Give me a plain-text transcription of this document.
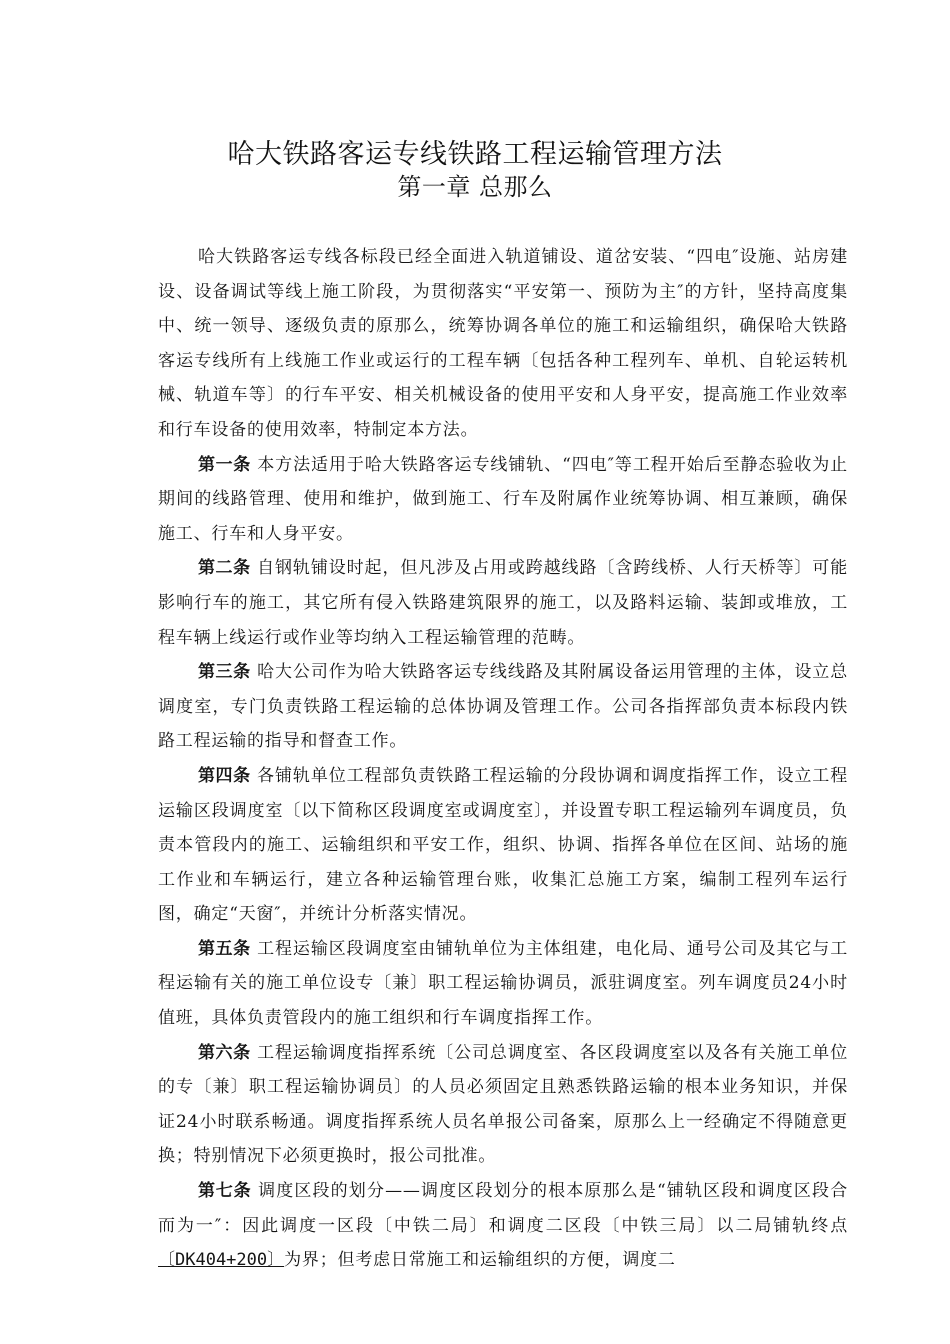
哈大铁路客运专线铁路工程运输管理方法
第一章 总那么

哈大铁路客运专线各标段已经全面进入轨道铺设、道岔安装、“四电″设施、站房建设、设备调试等线上施工阶段，为贯彻落实“平安第一、预防为主″的方针，坚持高度集中、统一领导、逐级负责的原那么，统筹协调各单位的施工和运输组织，确保哈大铁路客运专线所有上线施工作业或运行的工程车辆〔包括各种工程列车、单机、自轮运转机械、轨道车等〕的行车平安、相关机械设备的使用平安和人身平安，提高施工作业效率和行车设备的使用效率，特制定本方法。

第一条 本方法适用于哈大铁路客运专线铺轨、“四电″等工程开始后至静态验收为止期间的线路管理、使用和维护，做到施工、行车及附属作业统筹协调、相互兼顾，确保施工、行车和人身平安。

第二条 自钢轨铺设时起，但凡涉及占用或跨越线路〔含跨线桥、人行天桥等〕可能影响行车的施工，其它所有侵入铁路建筑限界的施工，以及路料运输、装卸或堆放，工程车辆上线运行或作业等均纳入工程运输管理的范畴。

第三条 哈大公司作为哈大铁路客运专线线路及其附属设备运用管理的主体，设立总调度室，专门负责铁路工程运输的总体协调及管理工作。公司各指挥部负责本标段内铁路工程运输的指导和督查工作。

第四条 各铺轨单位工程部负责铁路工程运输的分段协调和调度指挥工作，设立工程运输区段调度室〔以下简称区段调度室或调度室〕，并设置专职工程运输列车调度员，负责本管段内的施工、运输组织和平安工作，组织、协调、指挥各单位在区间、站场的施工作业和车辆运行，建立各种运输管理台账，收集汇总施工方案，编制工程列车运行图，确定“天窗″，并统计分析落实情况。

第五条 工程运输区段调度室由铺轨单位为主体组建，电化局、通号公司及其它与工程运输有关的施工单位设专〔兼〕职工程运输协调员，派驻调度室。列车调度员24小时值班，具体负责管段内的施工组织和行车调度指挥工作。

第六条 工程运输调度指挥系统〔公司总调度室、各区段调度室以及各有关施工单位的专〔兼〕职工程运输协调员〕的人员必须固定且熟悉铁路运输的根本业务知识，并保证24小时联系畅通。调度指挥系统人员名单报公司备案，原那么上一经确定不得随意更换；特别情况下必须更换时，报公司批准。

第七条 调度区段的划分——调度区段划分的根本原那么是“铺轨区段和调度区段合而为一″：因此调度一区段〔中铁二局〕和调度二区段〔中铁三局〕以二局铺轨终点〔DK404+200〕为界；但考虑日常施工和运输组织的方便，调度二
